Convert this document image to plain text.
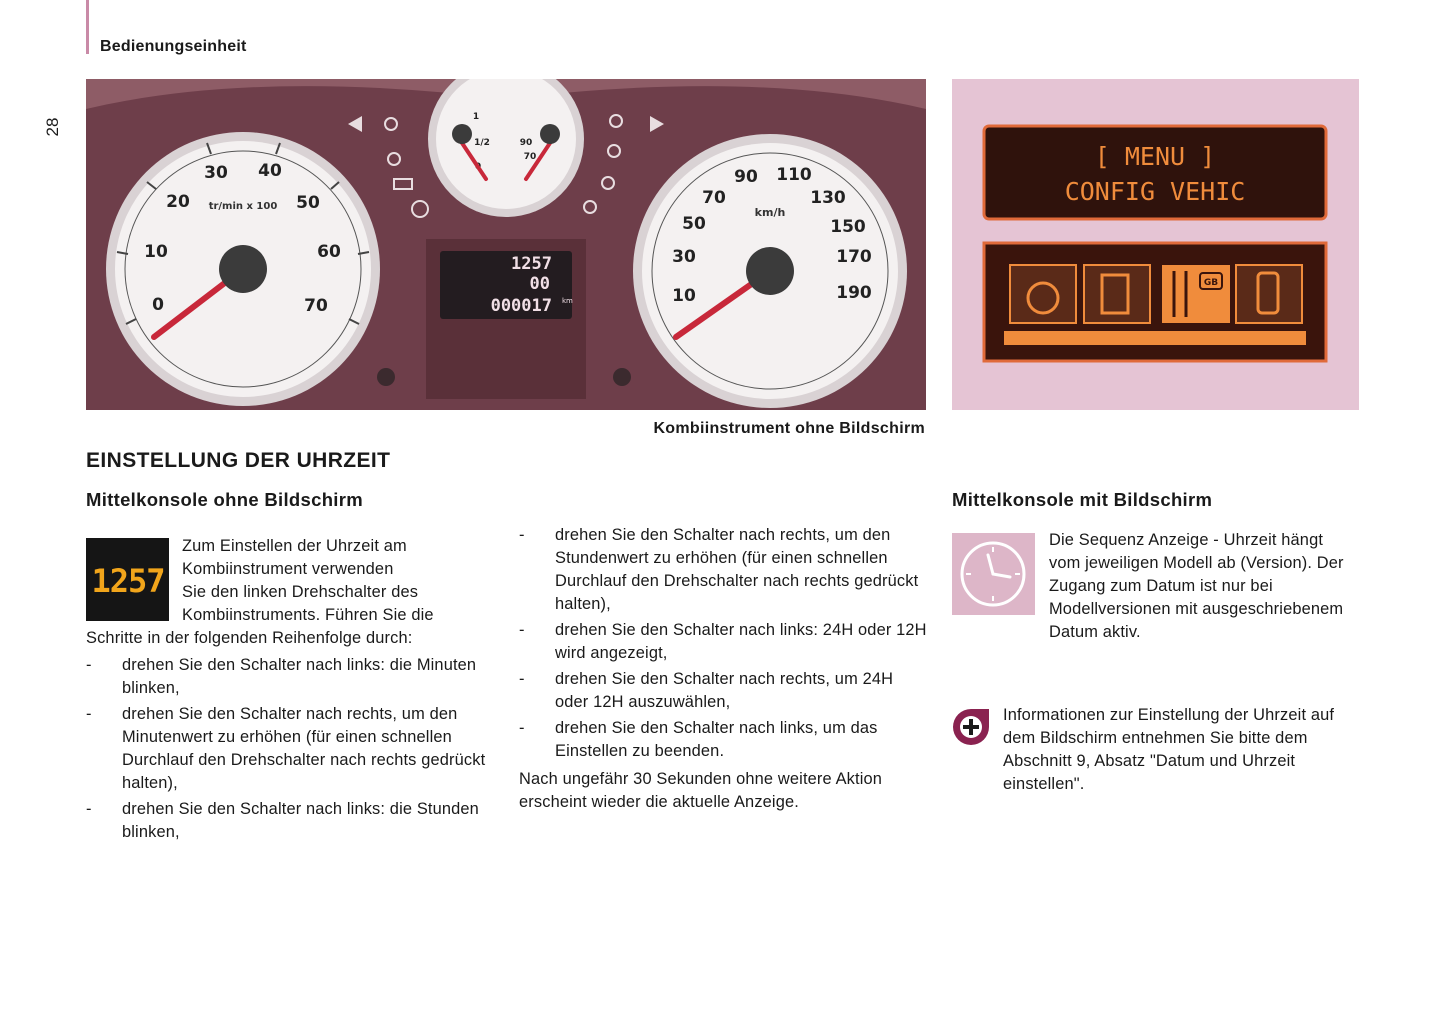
Bedienungseinheit
28
0
10
20
30 40
50
60
70
tr/min x 100
1
1/2	90
70
10
30
50
70
90 110
130
150
170
190
km/h
1257
00
000017 km
[ MENU ]
CONFIG VEHIC
GB
Kombiinstrument ohne Bildschirm
EINSTELLUNG DER UHRZEIT
Mittelkonsole ohne Bildschirm
1257
Zum Einstellen der Uhrzeit am
Kombiinstrument verwenden
Sie den linken Drehschalter des
Kombiinstruments. Führen Sie die
Schritte in der folgenden Reihenfolge durch:
- drehen Sie den Schalter nach links: die Minuten blinken,
- drehen Sie den Schalter nach rechts, um den Minutenwert zu erhöhen (für einen schnellen Durchlauf den Drehschalter nach rechts gedrückt halten),
- drehen Sie den Schalter nach links: die Stunden blinken,
- drehen Sie den Schalter nach rechts, um den Stundenwert zu erhöhen (für einen schnellen Durchlauf den Drehschalter nach rechts gedrückt halten),
- drehen Sie den Schalter nach links: 24H oder 12H wird angezeigt,
- drehen Sie den Schalter nach rechts, um 24H oder 12H auszuwählen,
- drehen Sie den Schalter nach links, um das Einstellen zu beenden.
Nach ungefähr 30 Sekunden ohne weitere Aktion erscheint wieder die aktuelle Anzeige.
Mittelkonsole mit Bildschirm
Die Sequenz Anzeige - Uhrzeit hängt vom jeweiligen Modell ab (Version). Der Zugang zum Datum ist nur bei Modellversionen mit ausgeschriebenem Datum aktiv.
Informationen zur Einstellung der Uhrzeit auf dem Bildschirm entnehmen Sie bitte dem Abschnitt 9, Absatz "Datum und Uhrzeit einstellen".
